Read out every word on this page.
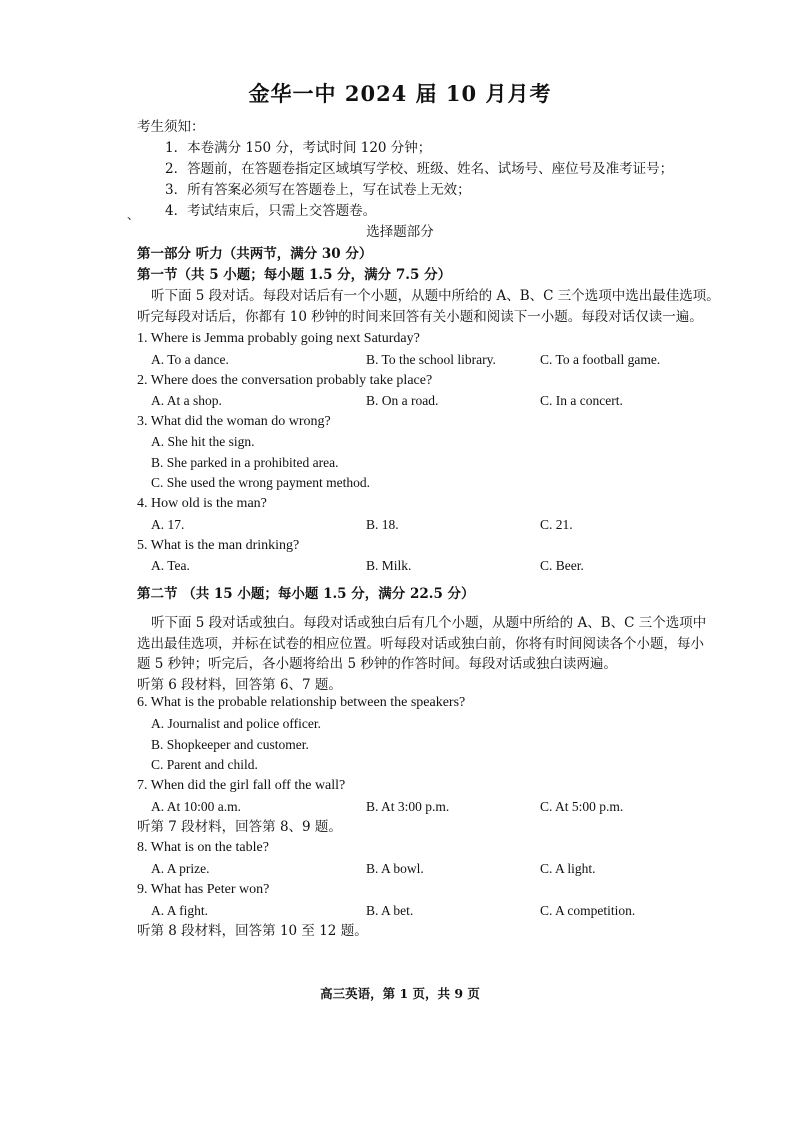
金华一中 2024 届 10 月月考
考生须知：
1．本卷满分 150 分，考试时间 120 分钟；
2．答题前，在答题卷指定区域填写学校、班级、姓名、试场号、座位号及准考证号；
3．所有答案必须写在答题卷上，写在试卷上无效；
、 4．考试结束后，只需上交答题卷。
选择题部分
第一部分 听力（共两节，满分 30 分）
第一节（共 5 小题；每小题 1.5 分，满分 7.5 分）
听下面 5 段对话。每段对话后有一个小题，从题中所给的 A、B、C 三个选项中选出最佳选项。
听完每段对话后，你都有 10 秒钟的时间来回答有关小题和阅读下一小题。每段对话仅读一遍。
1. Where is Jemma probably going next Saturday?
A. To a dance.	B. To the school library.	C. To a football game.
2. Where does the conversation probably take place?
A. At a shop.	B. On a road.	C. In a concert.
3. What did the woman do wrong?
A. She hit the sign.
B. She parked in a prohibited area.
C. She used the wrong payment method.
4. How old is the man?
A. 17.	B. 18.	C. 21.
5. What is the man drinking?
A. Tea.	B. Milk.	C. Beer.
第二节 （共 15 小题；每小题 1.5 分，满分 22.5 分）
听下面 5 段对话或独白。每段对话或独白后有几个小题，从题中所给的 A、B、C 三个选项中
选出最佳选项，并标在试卷的相应位置。听每段对话或独白前，你将有时间阅读各个小题，每小
题 5 秒钟；听完后，各小题将给出 5 秒钟的作答时间。每段对话或独白读两遍。
听第 6 段材料，回答第 6、7 题。
6. What is the probable relationship between the speakers?
A. Journalist and police officer.
B. Shopkeeper and customer.
C. Parent and child.
7. When did the girl fall off the wall?
A. At 10:00 a.m.	B. At 3:00 p.m.	C. At 5:00 p.m.
听第 7 段材料，回答第 8、9 题。
8. What is on the table?
A. A prize.	B. A bowl.	C. A light.
9. What has Peter won?
A. A fight.	B. A bet.	C. A competition.
听第 8 段材料，回答第 10 至 12 题。
高三英语，第 1 页，共 9 页
